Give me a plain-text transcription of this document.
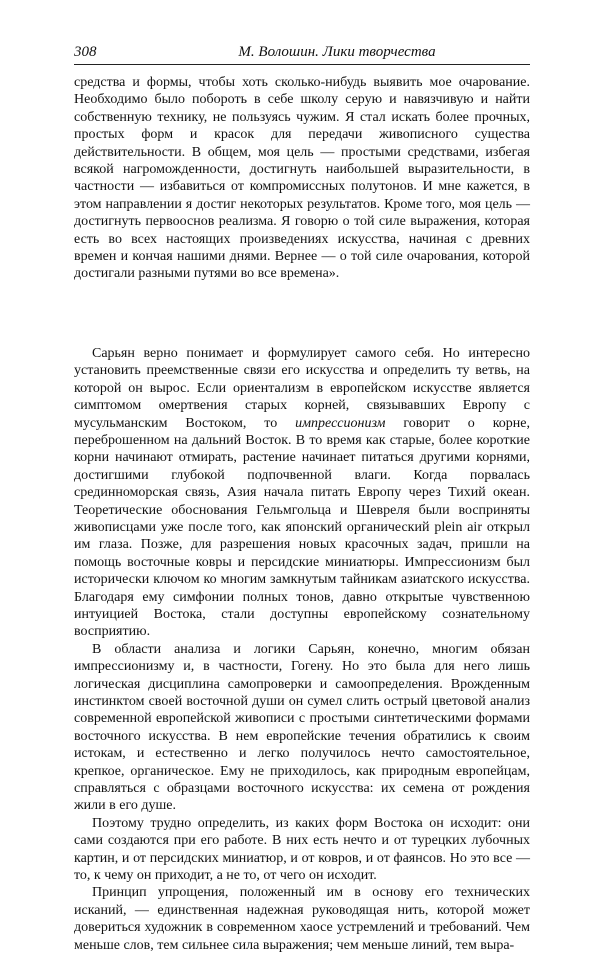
308	М. Волошин. Лики творчества

средства и формы, чтобы хоть сколько-нибудь выявить мое очарование. Необходимо было побороть в себе школу серую и навязчивую и найти собственную технику, не пользуясь чужим. Я стал искать более прочных, простых форм и красок для передачи живописного существа действительности. В общем, моя цель — простыми средствами, избегая всякой нагроможденности, достигнуть наибольшей выразительности, в частности — избавиться от компромиссных полутонов. И мне кажется, в этом направлении я достиг некоторых результатов. Кроме того, моя цель — достигнуть первооснов реализма. Я говорю о той силе выражения, которая есть во всех настоящих произведениях искусства, начиная с древних времен и кончая нашими днями. Вернее — о той силе очарования, которой достигали разными путями во все времена».

Сарьян верно понимает и формулирует самого себя. Но интересно установить преемственные связи его искусства и определить ту ветвь, на которой он вырос. Если ориентализм в европейском искусстве является симптомом омертвения старых корней, связывавших Европу с мусульманским Востоком, то импрессионизм говорит о корне, переброшенном на дальний Восток. В то время как старые, более короткие корни начинают отмирать, растение начинает питаться другими корнями, достигшими глубокой подпочвенной влаги. Когда порвалась срединноморская связь, Азия начала питать Европу через Тихий океан. Теоретические обоснования Гельмгольца и Шевреля были восприняты живописцами уже после того, как японский органический plein air открыл им глаза. Позже, для разрешения новых красочных задач, пришли на помощь восточные ковры и персидские миниатюры. Импрессионизм был исторически ключом ко многим замкнутым тайникам азиатского искусства. Благодаря ему симфонии полных тонов, давно открытые чувственною интуицией Востока, стали доступны европейскому сознательному восприятию.

В области анализа и логики Сарьян, конечно, многим обязан импрессионизму и, в частности, Гогену. Но это была для него лишь логическая дисциплина самопроверки и самоопределения. Врожденным инстинктом своей восточной души он сумел слить острый цветовой анализ современной европейской живописи с простыми синтетическими формами восточного искусства. В нем европейские течения обратились к своим истокам, и естественно и легко получилось нечто самостоятельное, крепкое, органическое. Ему не приходилось, как природным европейцам, справляться с образцами восточного искусства: их семена от рождения жили в его душе.

Поэтому трудно определить, из каких форм Востока он исходит: они сами создаются при его работе. В них есть нечто и от турецких лубочных картин, и от персидских миниатюр, и от ковров, и от фаянсов. Но это все — то, к чему он приходит, а не то, от чего он исходит.

Принцип упрощения, положенный им в основу его технических исканий, — единственная надежная руководящая нить, которой может довериться художник в современном хаосе устремлений и требований. Чем меньше слов, тем сильнее сила выражения; чем меньше линий, тем выра-
